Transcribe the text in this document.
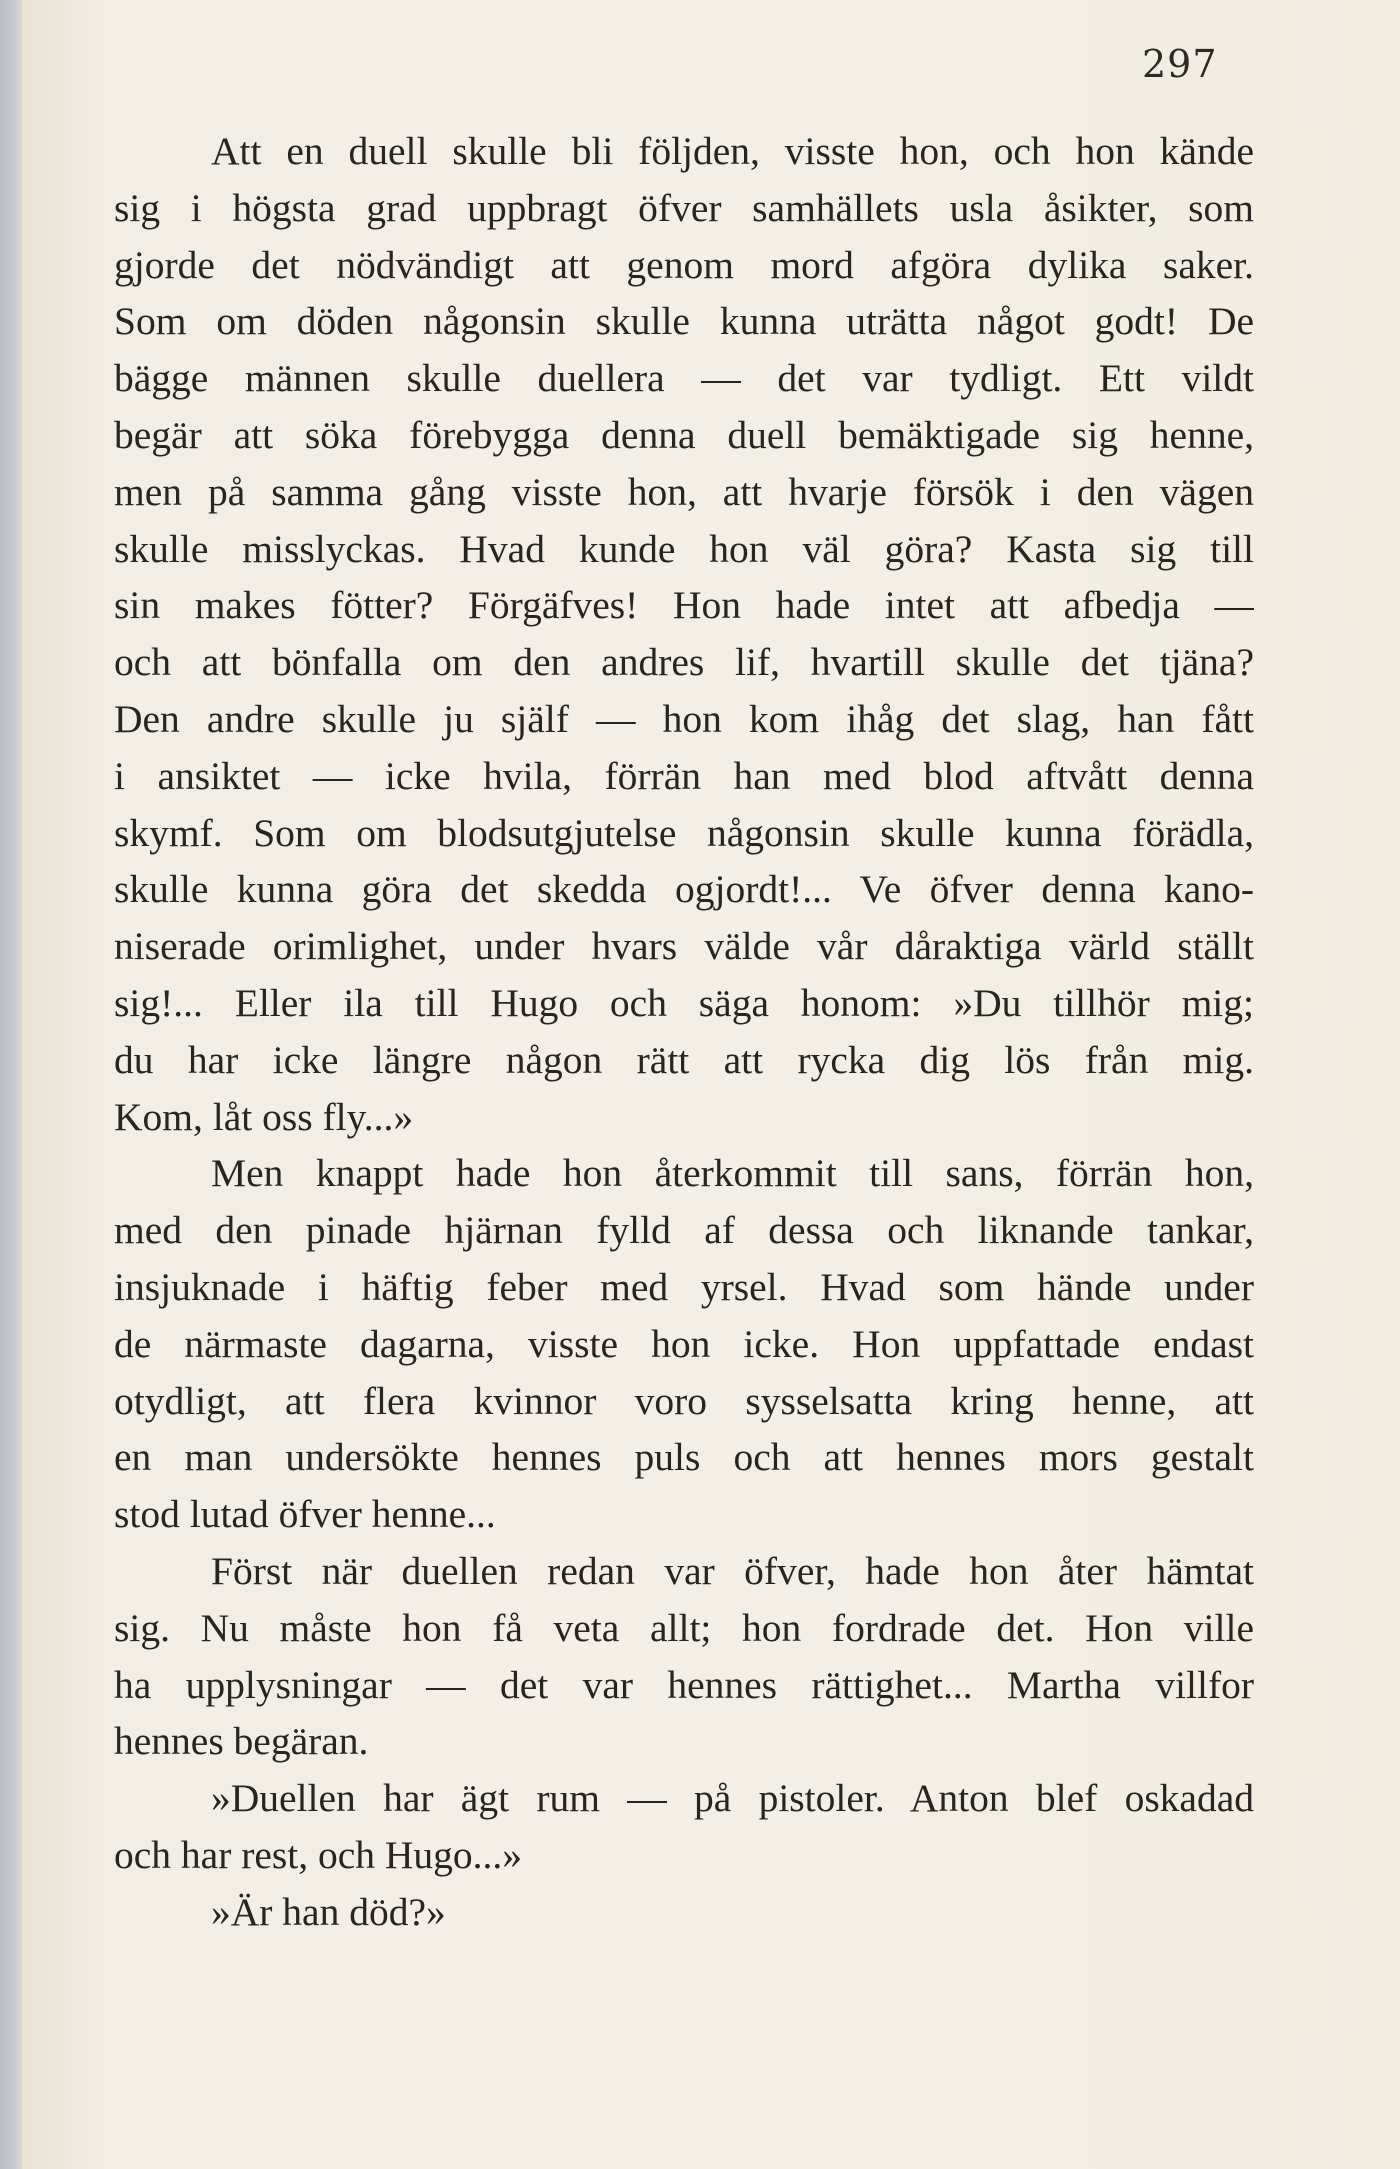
297
Att en duell skulle bli följden, visste hon, och hon kände
sig i högsta grad uppbragt öfver samhällets usla åsikter, som
gjorde det nödvändigt att genom mord afgöra dylika saker.
Som om döden någonsin skulle kunna uträtta något godt! De
bägge männen skulle duellera — det var tydligt. Ett vildt
begär att söka förebygga denna duell bemäktigade sig henne,
men på samma gång visste hon, att hvarje försök i den vägen
skulle misslyckas. Hvad kunde hon väl göra? Kasta sig till
sin makes fötter? Förgäfves! Hon hade intet att afbedja —
och att bönfalla om den andres lif, hvartill skulle det tjäna?
Den andre skulle ju själf — hon kom ihåg det slag, han fått
i ansiktet — icke hvila, förrän han med blod aftvått denna
skymf. Som om blodsutgjutelse någonsin skulle kunna förädla,
skulle kunna göra det skedda ogjordt!... Ve öfver denna kano-
niserade orimlighet, under hvars välde vår dåraktiga värld ställt
sig!... Eller ila till Hugo och säga honom: »Du tillhör mig;
du har icke längre någon rätt att rycka dig lös från mig.
Kom, låt oss fly...»
Men knappt hade hon återkommit till sans, förrän hon,
med den pinade hjärnan fylld af dessa och liknande tankar,
insjuknade i häftig feber med yrsel. Hvad som hände under
de närmaste dagarna, visste hon icke. Hon uppfattade endast
otydligt, att flera kvinnor voro sysselsatta kring henne, att
en man undersökte hennes puls och att hennes mors gestalt
stod lutad öfver henne...
Först när duellen redan var öfver, hade hon åter hämtat
sig. Nu måste hon få veta allt; hon fordrade det. Hon ville
ha upplysningar — det var hennes rättighet... Martha villfor
hennes begäran.
»Duellen har ägt rum — på pistoler. Anton blef oskadad
och har rest, och Hugo...»
»Är han död?»
